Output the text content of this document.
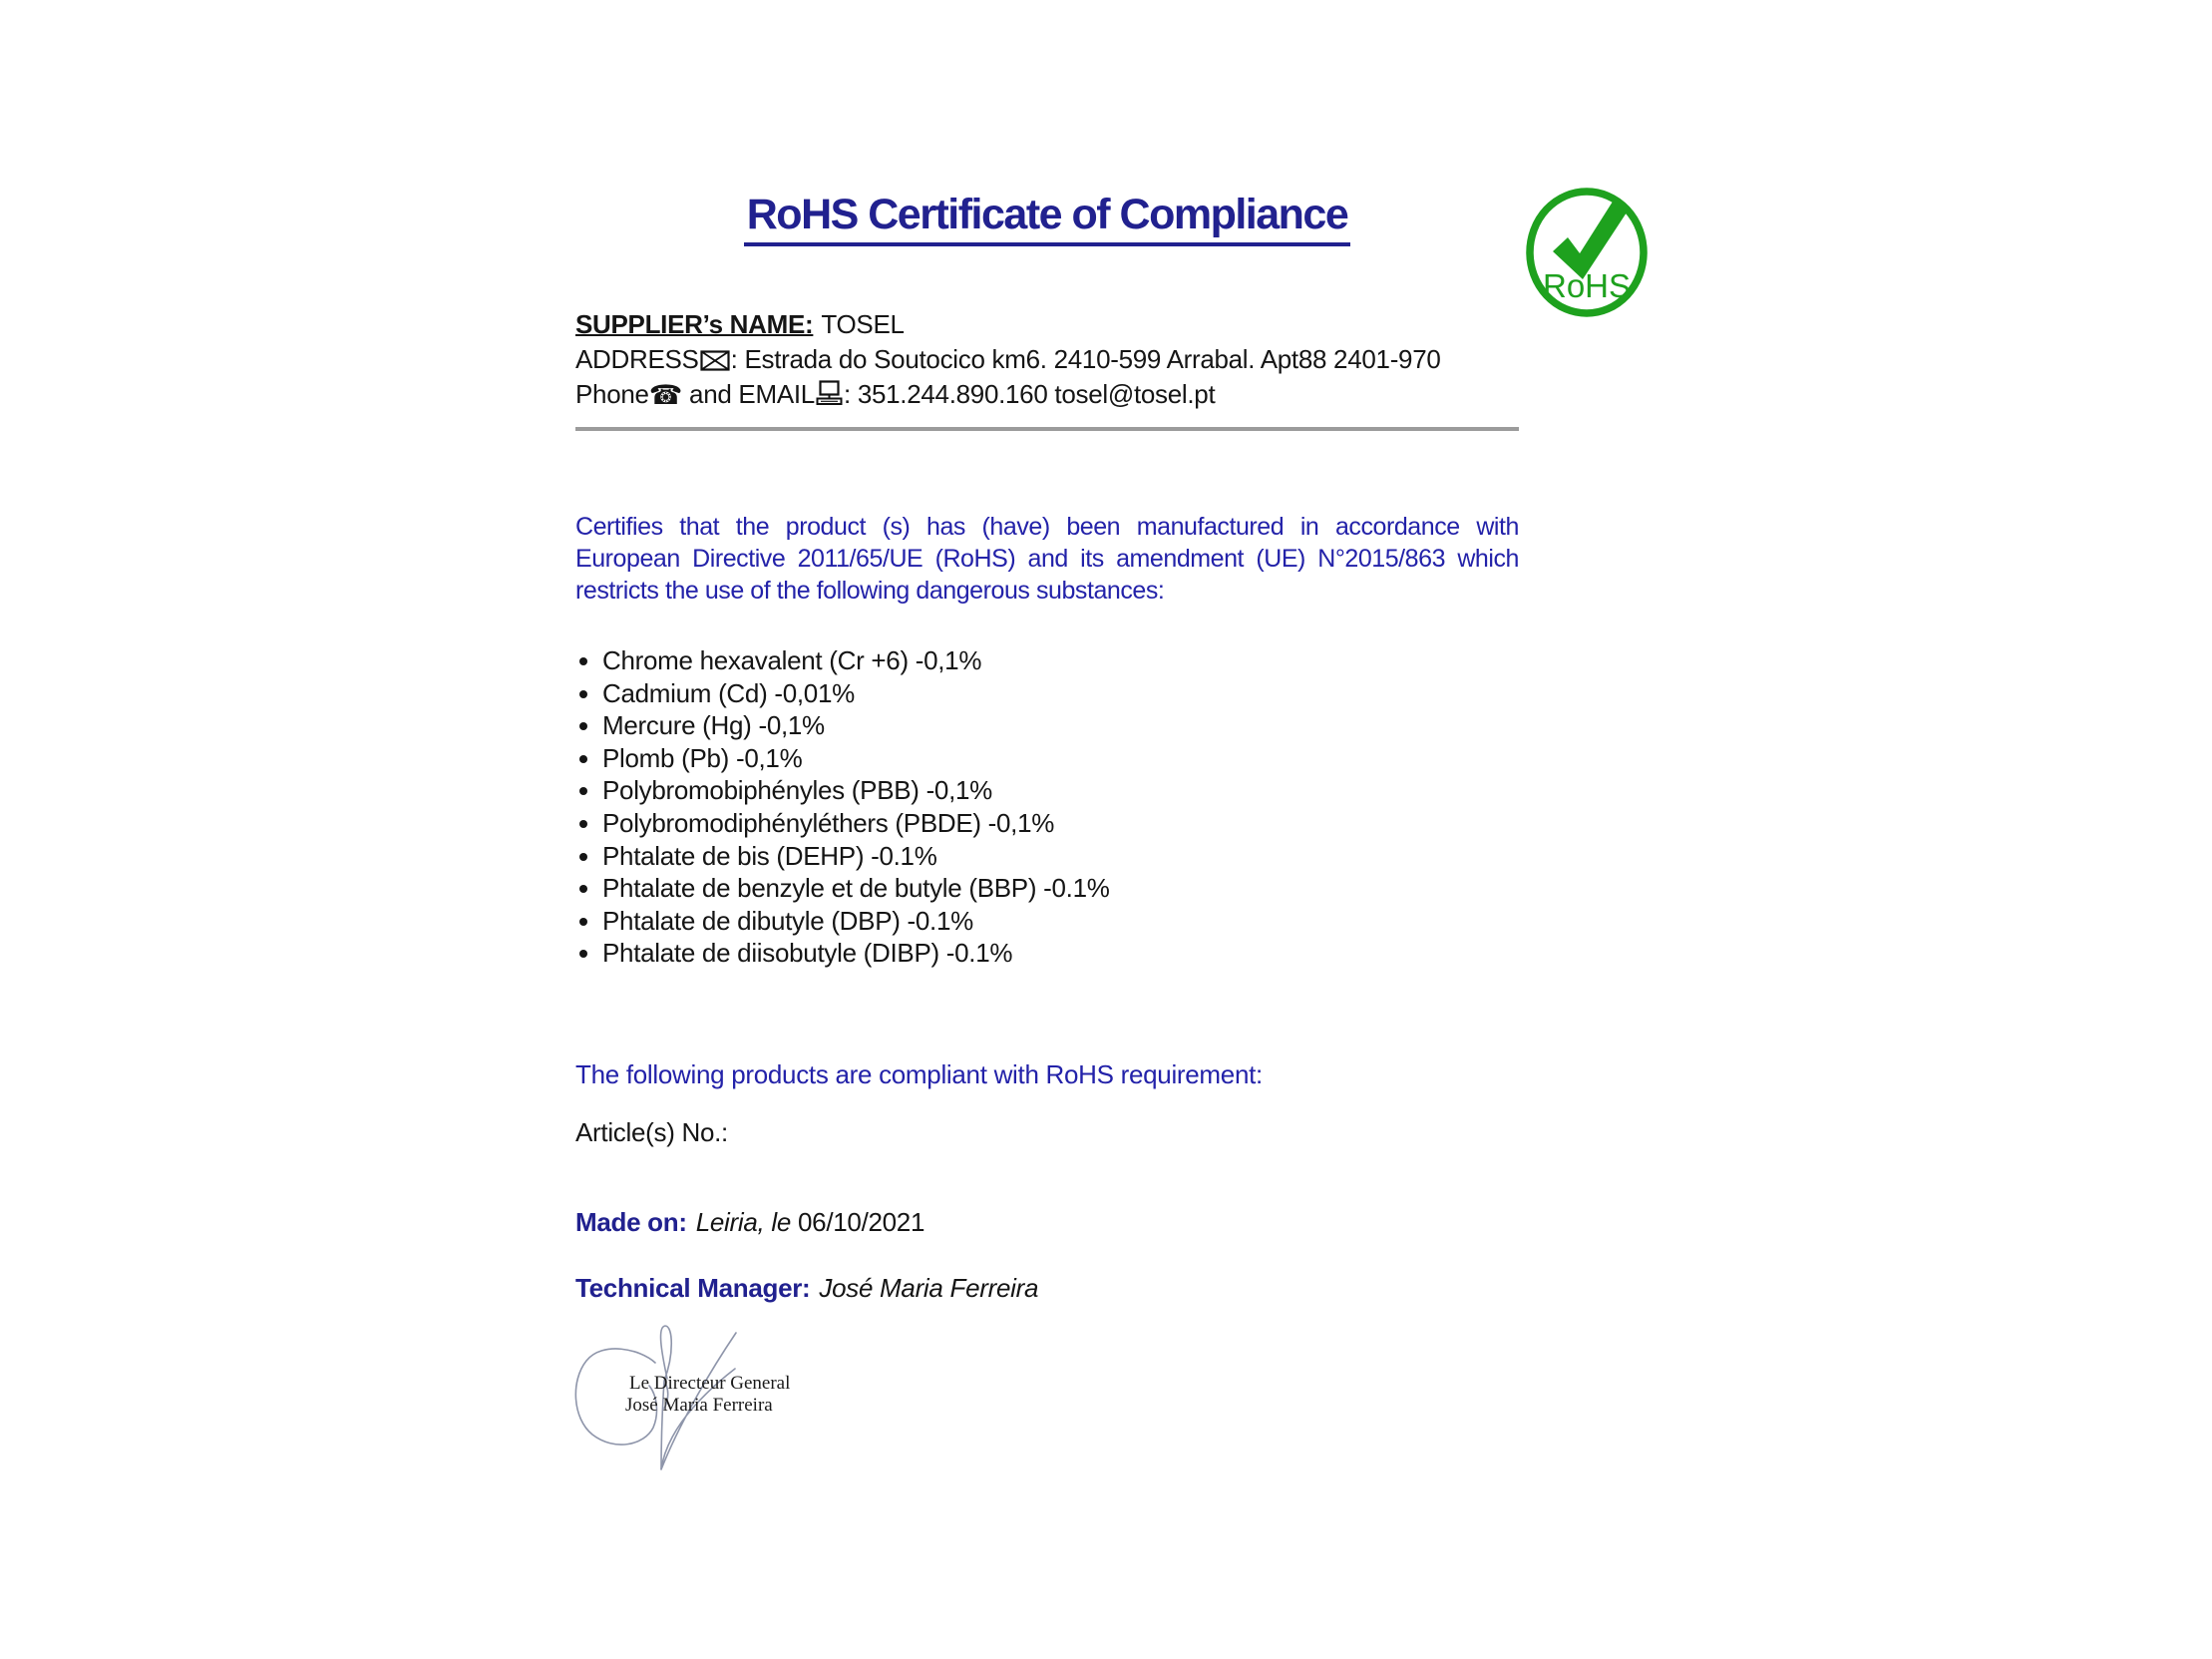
RoHS Certificate of Compliance
RoHS
SUPPLIER’s NAME: TOSEL
ADDRESS : Estrada do Soutocico km6. 2410-599 Arrabal. Apt88 2401-970
Phone☎ and EMAIL : 351.244.890.160 tosel@tosel.pt

Certifies that the product (s) has (have) been manufactured in accordance with European Directive 2011/65/UE (RoHS) and its amendment (UE) N°2015/863 which restricts the use of the following dangerous substances:

• Chrome hexavalent (Cr +6) -0,1%
• Cadmium (Cd) -0,01%
• Mercure (Hg) -0,1%
• Plomb (Pb) -0,1%
• Polybromobiphényles (PBB) -0,1%
• Polybromodiphényléthers (PBDE) -0,1%
• Phtalate de bis (DEHP) -0.1%
• Phtalate de benzyle et de butyle (BBP) -0.1%
• Phtalate de dibutyle (DBP) -0.1%
• Phtalate de diisobutyle (DIBP) -0.1%
The following products are compliant with RoHS requirement:
Article(s) No.:
Made on: Leiria, le 06/10/2021
Technical Manager: José Maria Ferreira
Le Directeur General
José Maria Ferreira
